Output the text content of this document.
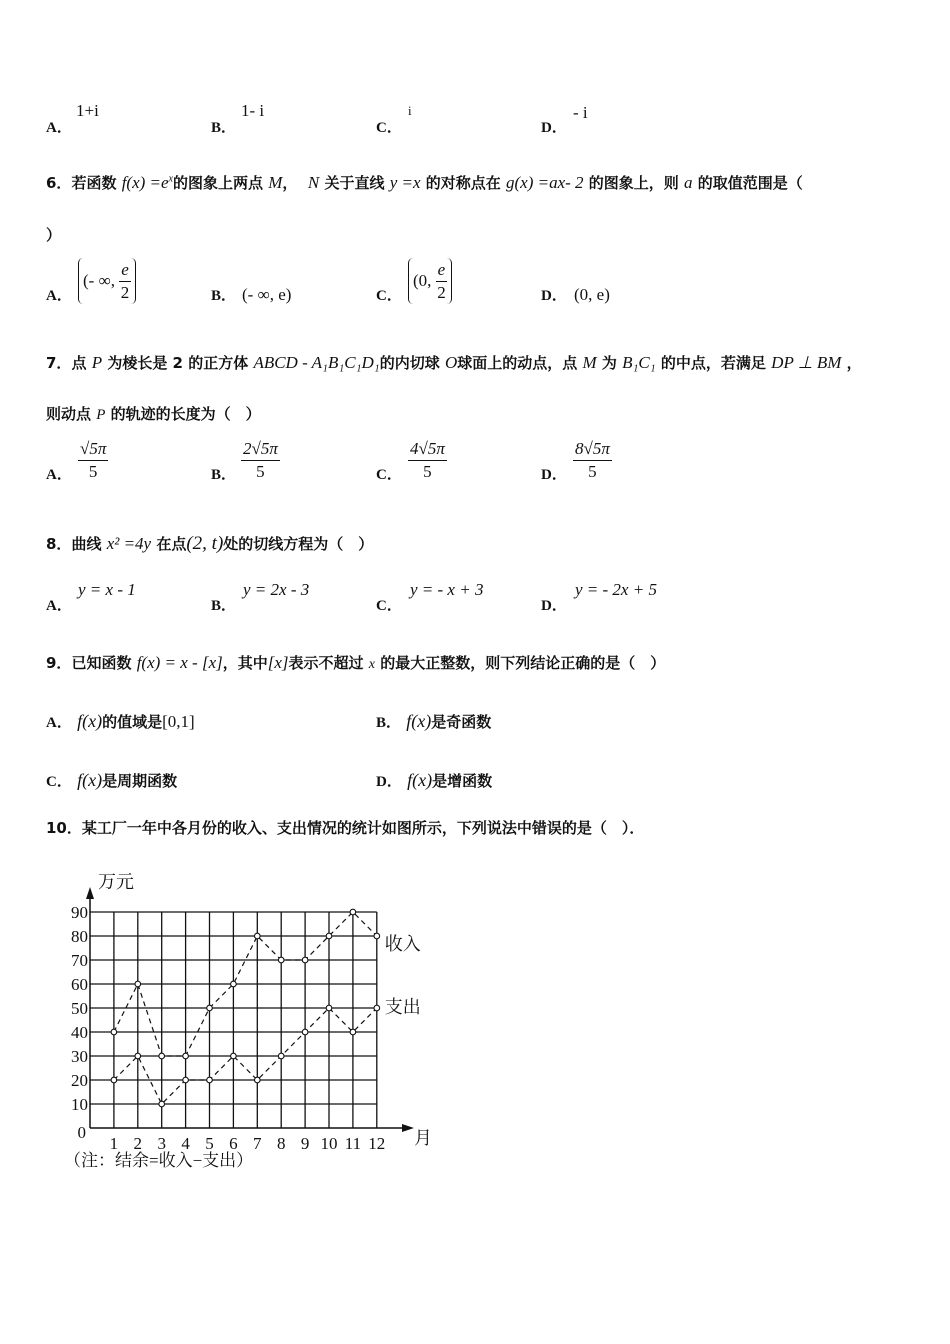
A．
1+i
B．
1- i
C．
i
D．
- i
6．若函数 $f(x) =e^x$的图象上两点 M， N 关于直线 y =x 的对称点在 g(x) =ax- 2 的图象上，则 a 的取值范围是（
）
A．
(- ∞, $\frac{e}{2}$	B． (- ∞, e)	C．
(0, $\frac{e}{2}$	D． (0, e)
7．点 P 为棱长是 2 的正方体 ABCD - A₁B₁C₁D₁的内切球 O球面上的动点，点 M 为 B₁C₁ 的中点，若满足 DP ⊥ BM ，
则动点 P 的轨迹的长度为（　）
A． $\frac{√5\pi}{5}$	B． $\frac{2√5\pi}{5}$	C． $\frac{4√5\pi}{5}$	D． $\frac{8√5\pi}{5}$
8．曲线 x² =4y 在点(2, t)处的切线方程为（　）
A．
y = x - 1
B．
y = 2x - 3
C．
y = - x + 3
D．
y = - 2x + 5
9．已知函数 f(x) = x - [x]，其中[x]表示不超过 x 的最大正整数，则下列结论正确的是（　）
A． f(x)的值域是[0,1]	B． f(x)是奇函数
C． f(x)是周期函数	D． f(x)是增函数
10．某工厂一年中各月份的收入、支出情况的统计如图所示，下列说法中错误的是（　）．
0
10
20
30
40
50
60
70
80
90
1 2 3 4 5 6 7 8 9 10 11 12
万元
月
（注：结余=收入−支出）
收入
支出
